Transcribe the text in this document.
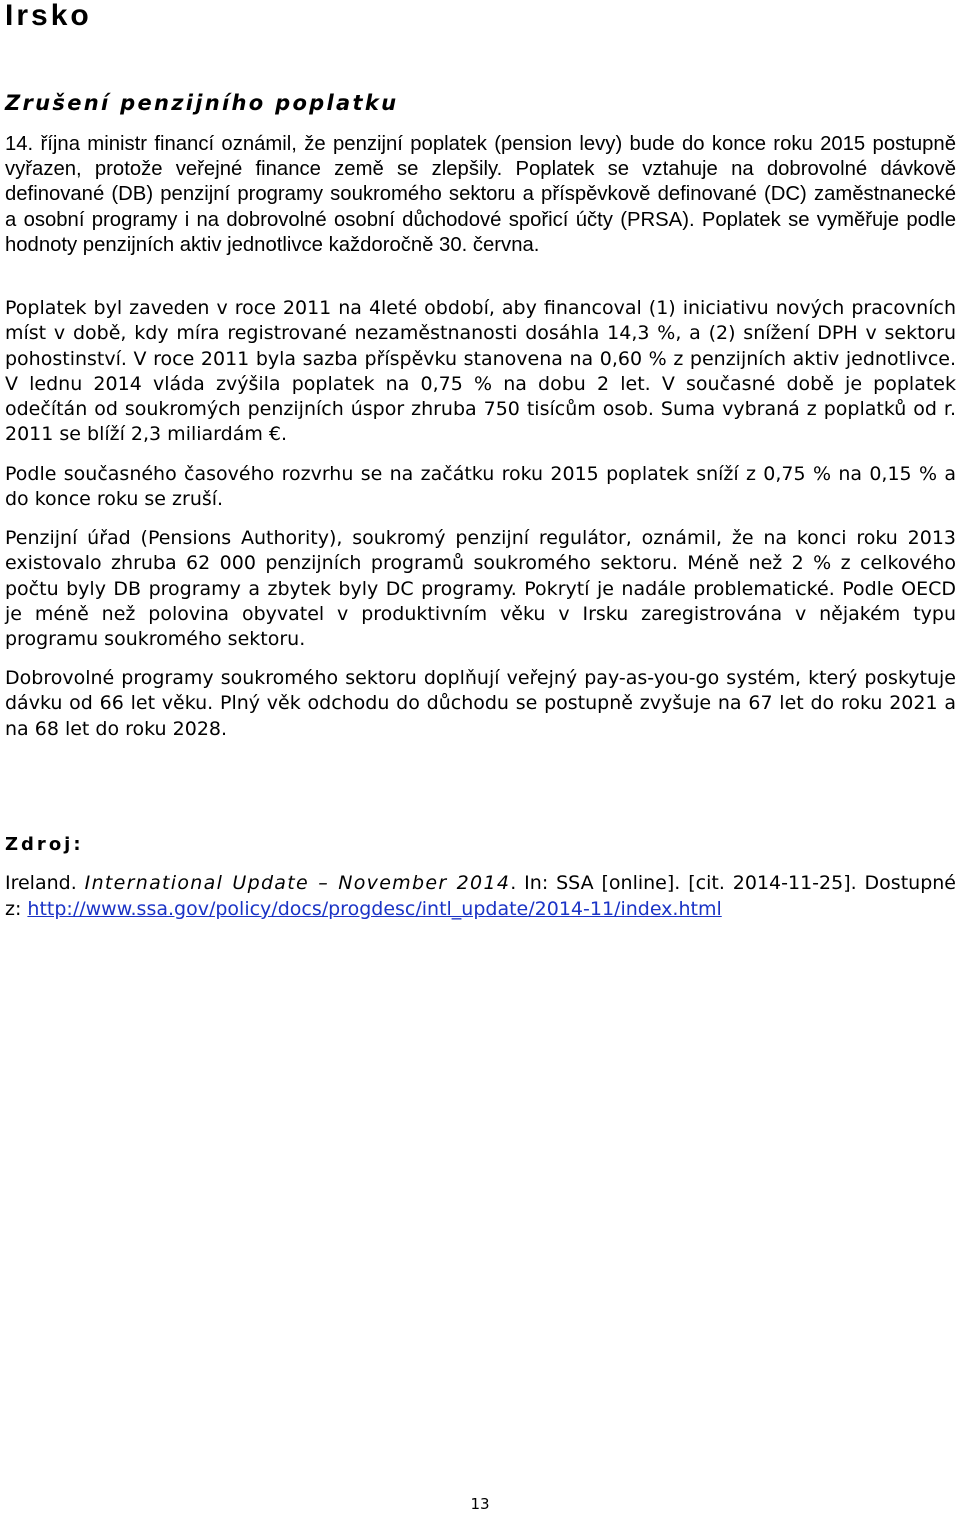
Irsko
Zrušení penzijního poplatku

14. října ministr financí oznámil, že penzijní poplatek (pension levy) bude do konce roku 2015 postupně vyřazen, protože veřejné finance země se zlepšily. Poplatek se vztahuje na dobrovolné dávkově definované (DB) penzijní programy soukromého sektoru a příspěvkově definované (DC) zaměstnanecké a osobní programy i na dobrovolné osobní důchodové spořicí účty (PRSA). Poplatek se vyměřuje podle hodnoty penzijních aktiv jednotlivce každoročně 30. června.

Poplatek byl zaveden v roce 2011 na 4leté období, aby financoval (1) iniciativu nových pracovních míst v době, kdy míra registrované nezaměstnanosti dosáhla 14,3 %, a (2) snížení DPH v sektoru pohostinství. V roce 2011 byla sazba příspěvku stanovena na 0,60 % z penzijních aktiv jednotlivce. V lednu 2014 vláda zvýšila poplatek na 0,75 % na dobu 2 let. V současné době je poplatek odečítán od soukromých penzijních úspor zhruba 750 tisícům osob. Suma vybraná z poplatků od r. 2011 se blíží 2,3 miliardám €.

Podle současného časového rozvrhu se na začátku roku 2015 poplatek sníží z 0,75 % na 0,15 % a do konce roku se zruší.

Penzijní úřad (Pensions Authority), soukromý penzijní regulátor, oznámil, že na konci roku 2013 existovalo zhruba 62 000 penzijních programů soukromého sektoru. Méně než 2 % z celkového počtu byly DB programy a zbytek byly DC programy. Pokrytí je nadále problematické. Podle OECD je méně než polovina obyvatel v produktivním věku v Irsku zaregistrována v nějakém typu programu soukromého sektoru.

Dobrovolné programy soukromého sektoru doplňují veřejný pay-as-you-go systém, který poskytuje dávku od 66 let věku. Plný věk odchodu do důchodu se postupně zvyšuje na 67 let do roku 2021 a na 68 let do roku 2028.

Zdroj:

Ireland. International Update – November 2014. In: SSA [online]. [cit. 2014-11-25]. Dostupné z: http://www.ssa.gov/policy/docs/progdesc/intl_update/2014-11/index.html

13
